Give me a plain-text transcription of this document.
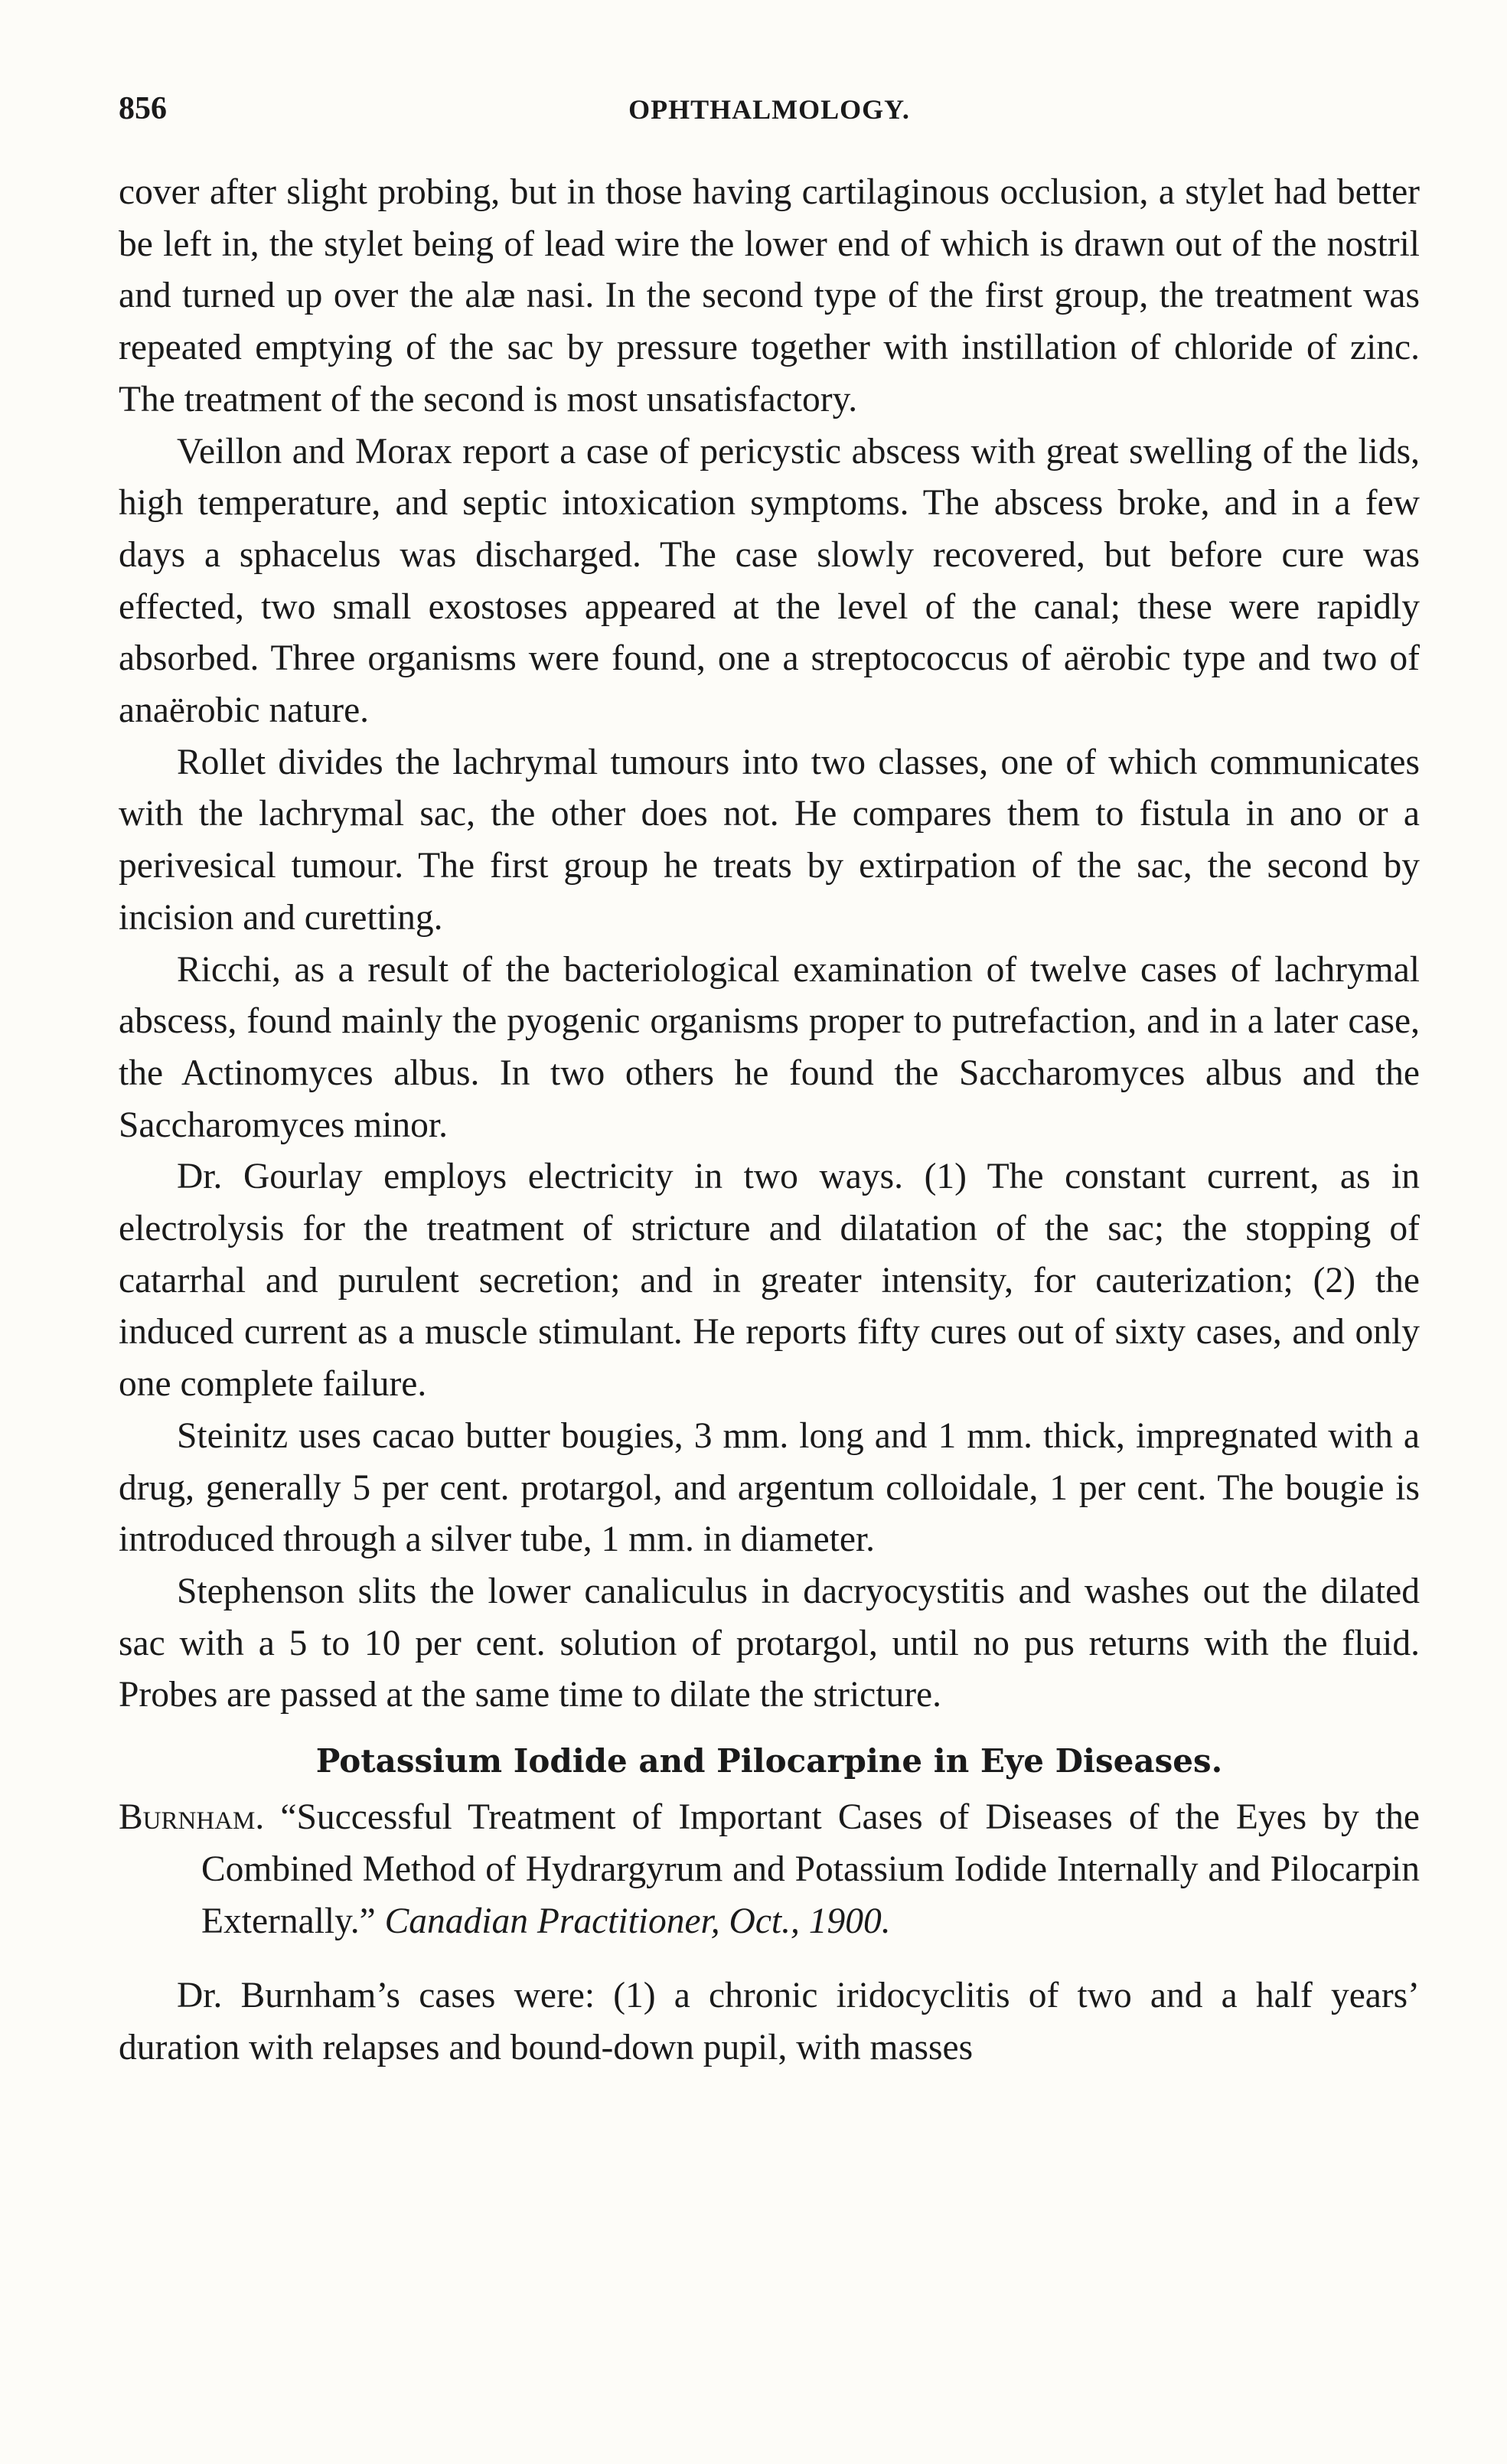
856	OPHTHALMOLOGY.

cover after slight probing, but in those having cartilaginous occlusion, a stylet had better be left in, the stylet being of lead wire the lower end of which is drawn out of the nostril and turned up over the alæ nasi. In the second type of the first group, the treatment was repeated emptying of the sac by pressure together with instillation of chloride of zinc. The treatment of the second is most unsatisfactory.

Veillon and Morax report a case of pericystic abscess with great swelling of the lids, high temperature, and septic intoxication symptoms. The abscess broke, and in a few days a sphacelus was discharged. The case slowly recovered, but before cure was effected, two small exostoses appeared at the level of the canal; these were rapidly absorbed. Three organisms were found, one a streptococcus of aërobic type and two of anaërobic nature.

Rollet divides the lachrymal tumours into two classes, one of which communicates with the lachrymal sac, the other does not. He compares them to fistula in ano or a perivesical tumour. The first group he treats by extirpation of the sac, the second by incision and curetting.

Ricchi, as a result of the bacteriological examination of twelve cases of lachrymal abscess, found mainly the pyogenic organisms proper to putrefaction, and in a later case, the Actinomyces albus. In two others he found the Saccharomyces albus and the Saccharomyces minor.

Dr. Gourlay employs electricity in two ways. (1) The constant current, as in electrolysis for the treatment of stricture and dilatation of the sac; the stopping of catarrhal and purulent secretion; and in greater intensity, for cauterization; (2) the induced current as a muscle stimulant. He reports fifty cures out of sixty cases, and only one complete failure.

Steinitz uses cacao butter bougies, 3 mm. long and 1 mm. thick, impregnated with a drug, generally 5 per cent. protargol, and argentum colloidale, 1 per cent. The bougie is introduced through a silver tube, 1 mm. in diameter.

Stephenson slits the lower canaliculus in dacryocystitis and washes out the dilated sac with a 5 to 10 per cent. solution of protargol, until no pus returns with the fluid. Probes are passed at the same time to dilate the stricture.

Potassium Iodide and Pilocarpine in Eye Diseases.

Burnham. “Successful Treatment of Important Cases of Diseases of the Eyes by the Combined Method of Hydrargyrum and Potassium Iodide Internally and Pilocarpin Externally.” Canadian Practitioner, Oct., 1900.

Dr. Burnham’s cases were: (1) a chronic iridocyclitis of two and a half years’ duration with relapses and bound-down pupil, with masses
